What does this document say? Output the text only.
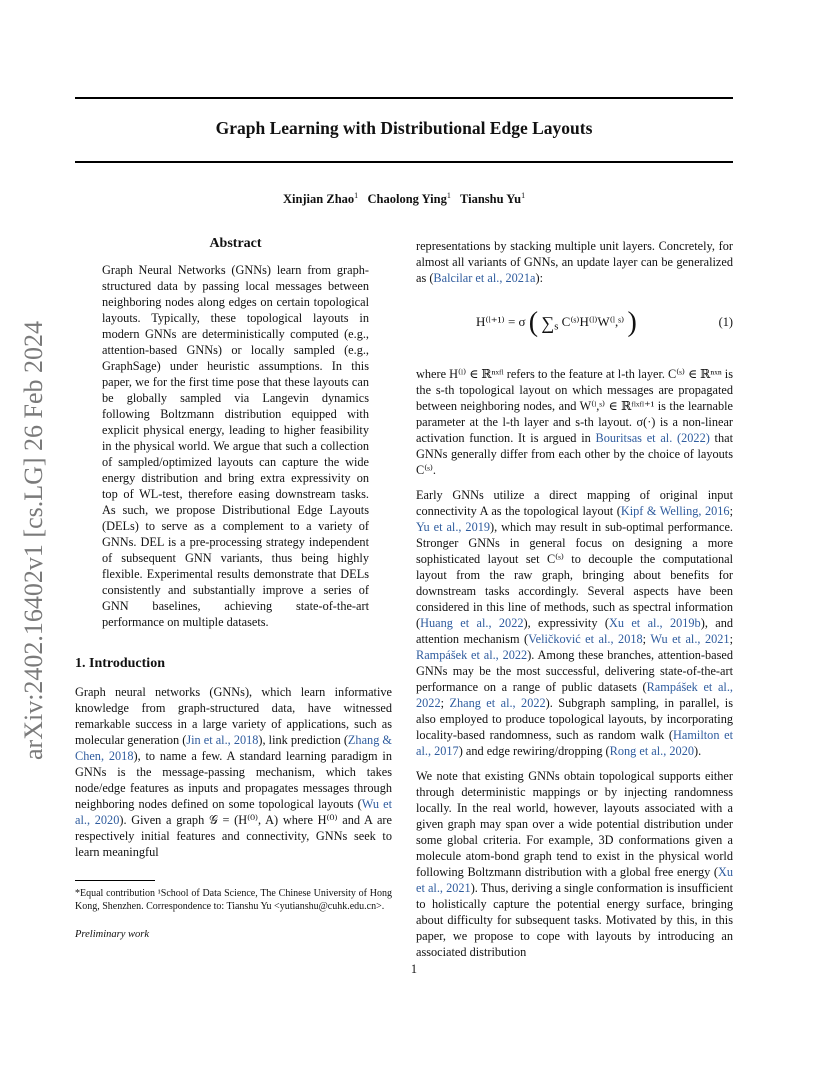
Graph Learning with Distributional Edge Layouts
Xinjian Zhao$^1$ Chaolong Ying$^1$ Tianshu Yu$^1$
arXiv:2402.16402v1 [cs.LG] 26 Feb 2024
Abstract

Graph Neural Networks (GNNs) learn from graph-structured data by passing local messages between neighboring nodes along edges on certain topological layouts. Typically, these topological layouts in modern GNNs are deterministically computed (e.g., attention-based GNNs) or locally sampled (e.g., GraphSage) under heuristic assumptions. In this paper, we for the first time pose that these layouts can be globally sampled via Langevin dynamics following Boltzmann distribution equipped with explicit physical energy, leading to higher feasibility in the physical world. We argue that such a collection of sampled/optimized layouts can capture the wide energy distribution and bring extra expressivity on top of WL-test, therefore easing downstream tasks. As such, we propose Distributional Edge Layouts (DELs) to serve as a complement to a variety of GNNs. DEL is a pre-processing strategy independent of subsequent GNN variants, thus being highly flexible. Experimental results demonstrate that DELs consistently and substantially improve a series of GNN baselines, achieving state-of-the-art performance on multiple datasets.

1. Introduction

Graph neural networks (GNNs), which learn informative knowledge from graph-structured data, have witnessed remarkable success in a large variety of applications, such as molecular generation (Jin et al., 2018), link prediction (Zhang & Chen, 2018), to name a few. A standard learning paradigm in GNNs is the message-passing mechanism, which takes node/edge features as inputs and propagates messages through neighboring nodes defined on some topological layouts (Wu et al., 2020). Given a graph 𝒢 = (H⁽⁰⁾, A) where H⁽⁰⁾ and A are respectively initial features and connectivity, GNNs seek to learn meaningful

*Equal contribution ¹School of Data Science, The Chinese University of Hong Kong, Shenzhen. Correspondence to: Tianshu Yu <yutianshu@cuhk.edu.cn>.

Preliminary work

representations by stacking multiple unit layers. Concretely, for almost all variants of GNNs, an update layer can be generalized as (Balcilar et al., 2021a):

H⁽ˡ⁺¹⁾ = σ ( $\sum_s$ C⁽ˢ⁾H⁽ˡ⁾W⁽ˡ,ˢ⁾ )	(1)

where H⁽ˡ⁾ ∈ ℝⁿˣᶠˡ refers to the feature at l-th layer. C⁽ˢ⁾ ∈ ℝⁿˣⁿ is the s-th topological layout on which messages are propagated between neighboring nodes, and W⁽ˡ,ˢ⁾ ∈ ℝᶠˡˣᶠˡ⁺¹ is the learnable parameter at the l-th layer and s-th layout. σ(·) is a non-linear activation function. It is argued in Bouritsas et al. (2022) that GNNs generally differ from each other by the choice of layouts C⁽ˢ⁾.

Early GNNs utilize a direct mapping of original input connectivity A as the topological layout (Kipf & Welling, 2016; Yu et al., 2019), which may result in sub-optimal performance. Stronger GNNs in general focus on designing a more sophisticated layout set C⁽ˢ⁾ to decouple the computational layout from the raw graph, bringing about benefits for downstream tasks accordingly. Several aspects have been considered in this line of methods, such as spectral information (Huang et al., 2022), expressivity (Xu et al., 2019b), and attention mechanism (Veličković et al., 2018; Wu et al., 2021; Rampášek et al., 2022). Among these branches, attention-based GNNs may be the most successful, delivering state-of-the-art performance on a range of public datasets (Rampášek et al., 2022; Zhang et al., 2022). Subgraph sampling, in parallel, is also employed to produce topological layouts, by incorporating locality-based randomness, such as random walk (Hamilton et al., 2017) and edge rewiring/dropping (Rong et al., 2020).

We note that existing GNNs obtain topological supports either through deterministic mappings or by injecting randomness locally. In the real world, however, layouts associated with a given graph may span over a wide potential distribution under some global criteria. For example, 3D conformations given a molecule atom-bond graph tend to exist in the physical world following Boltzmann distribution with a global free energy (Xu et al., 2021). Thus, deriving a single conformation is insufficient to holistically capture the potential energy surface, bringing about difficulty for subsequent tasks. Motivated by this, in this paper, we propose to cope with layouts by introducing an associated distribution

1
